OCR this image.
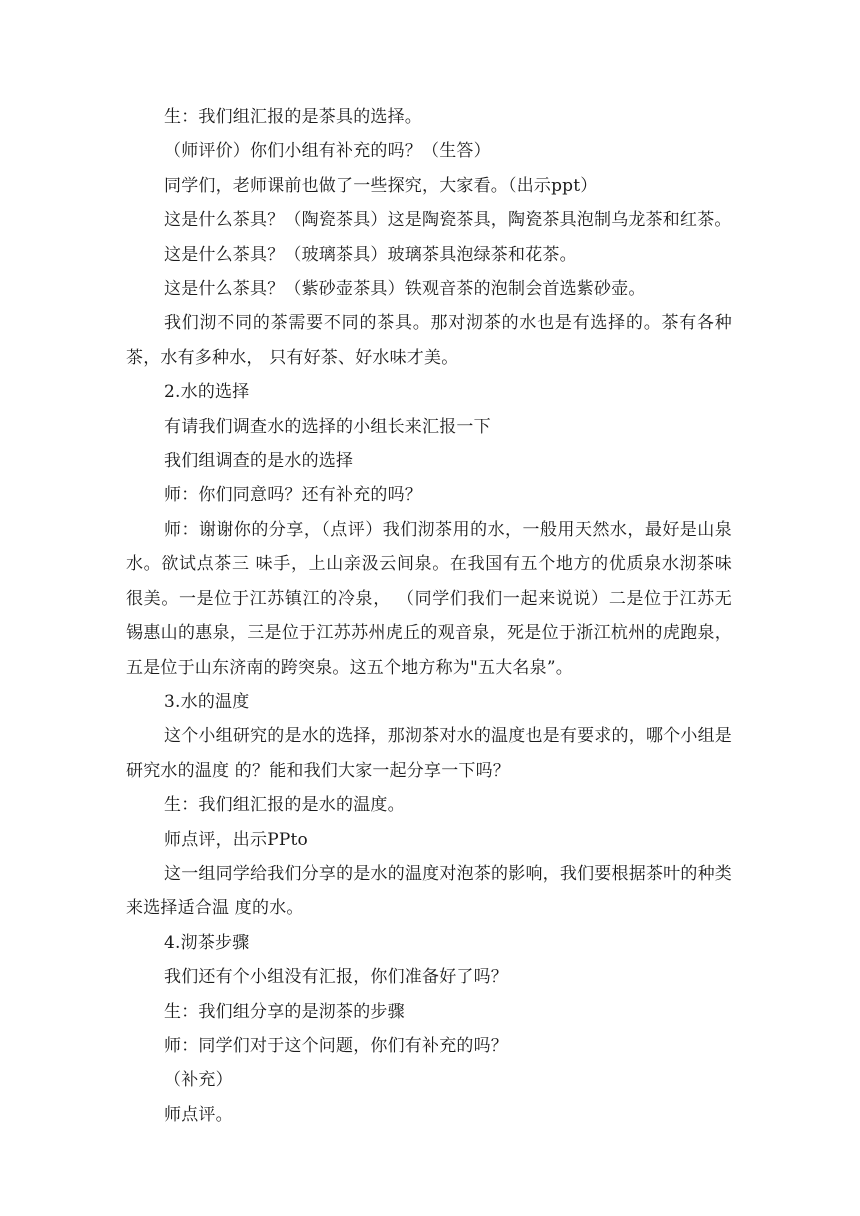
生：我们组汇报的是茶具的选择。

（师评价）你们小组有补充的吗？（生答）

同学们，老师课前也做了一些探究，大家看。（出示ppt）

这是什么茶具？（陶瓷茶具）这是陶瓷茶具，陶瓷茶具泡制乌龙茶和红茶。

这是什么茶具？（玻璃茶具）玻璃茶具泡绿茶和花茶。

这是什么茶具？（紫砂壶茶具）铁观音茶的泡制会首选紫砂壶。

我们沏不同的茶需要不同的茶具。那对沏茶的水也是有选择的。茶有各种茶，水有多种水， 只有好茶、好水味才美。

2.水的选择

有请我们调查水的选择的小组长来汇报一下

我们组调查的是水的选择

师：你们同意吗？还有补充的吗？

师：谢谢你的分享，（点评）我们沏茶用的水，一般用天然水，最好是山泉水。欲试点茶三 味手，上山亲汲云间泉。在我国有五个地方的优质泉水沏茶味很美。一是位于江苏镇江的冷泉， （同学们我们一起来说说）二是位于江苏无锡惠山的惠泉，三是位于江苏苏州虎丘的观音泉，死是位于浙江杭州的虎跑泉，五是位于山东济南的跨突泉。这五个地方称为"五大名泉”。

3.水的温度

这个小组研究的是水的选择，那沏茶对水的温度也是有要求的，哪个小组是研究水的温度 的？能和我们大家一起分享一下吗？

生：我们组汇报的是水的温度。

师点评，出示PPto

这一组同学给我们分享的是水的温度对泡茶的影响，我们要根据茶叶的种类来选择适合温 度的水。

4.沏茶步骤

我们还有个小组没有汇报，你们准备好了吗？

生：我们组分享的是沏茶的步骤

师：同学们对于这个问题，你们有补充的吗？

（补充）

师点评。
